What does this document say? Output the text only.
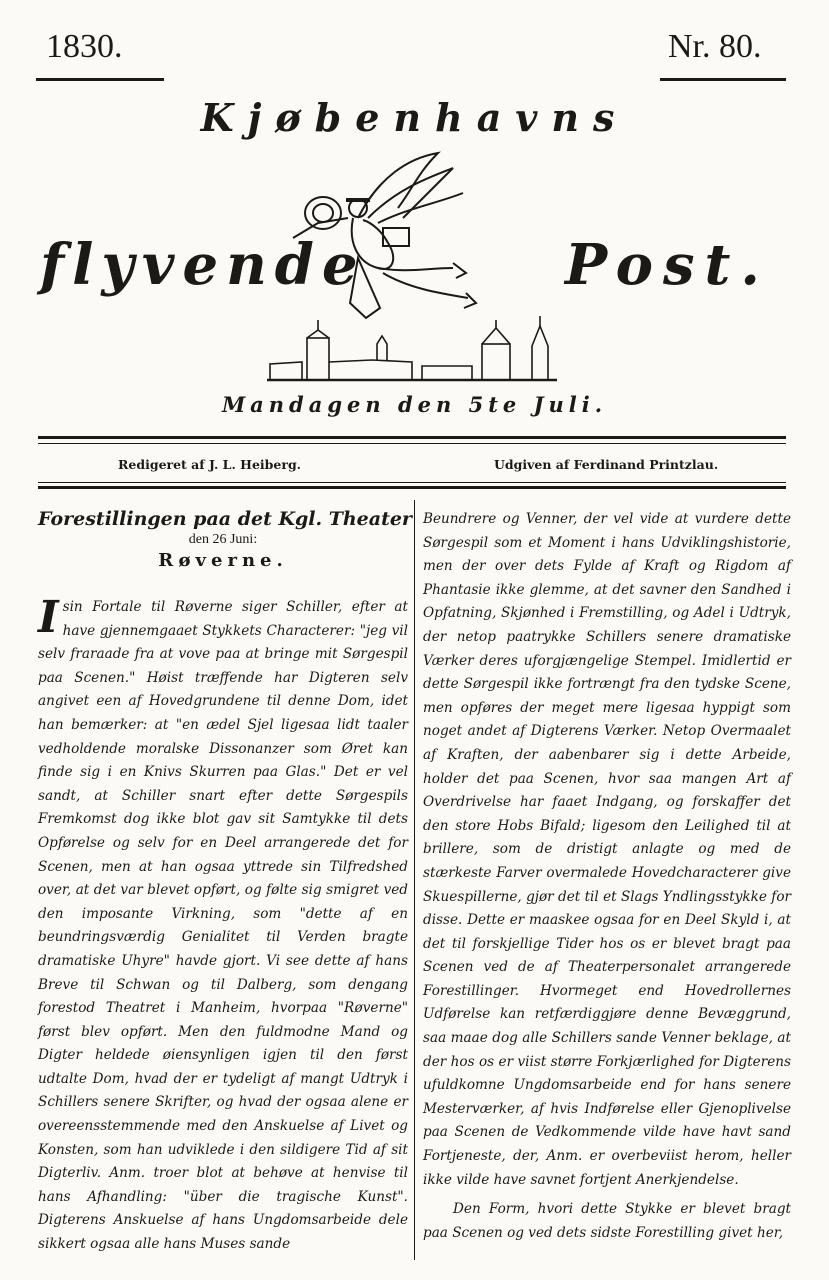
1830.	Nr. 80.
Kjøbenhavns
flyvende	Post.
Mandagen den 5te Juli.
Redigeret af J. L. Heiberg.	Udgiven af Ferdinand Printzlau.
Forestillingen paa det Kgl. Theater
den 26 Juni:
Røverne.

Isin Fortale til Røverne siger Schiller, efter at have gjennemgaaet Stykkets Characterer: "jeg vil selv fraraade fra at vove paa at bringe mit Sørgespil paa Scenen." Høist træffende har Digteren selv angivet een af Hovedgrundene til denne Dom, idet han bemærker: at "en ædel Sjel ligesaa lidt taaler vedholdende moralske Dissonanzer som Øret kan finde sig i en Knivs Skurren paa Glas." Det er vel sandt, at Schiller snart efter dette Sørgespils Fremkomst dog ikke blot gav sit Samtykke til dets Opførelse og selv for en Deel arrangerede det for Scenen, men at han ogsaa yttrede sin Tilfredshed over, at det var blevet opført, og følte sig smigret ved den imposante Virkning, som "dette af en beundringsværdig Genialitet til Verden bragte dramatiske Uhyre" havde gjort. Vi see dette af hans Breve til Schwan og til Dalberg, som dengang forestod Theatret i Manheim, hvorpaa "Røverne" først blev opført. Men den fuldmodne Mand og Digter heldede øiensynligen igjen til den først udtalte Dom, hvad der er tydeligt af mangt Udtryk i Schillers senere Skrifter, og hvad der ogsaa alene er overeensstemmende med den Anskuelse af Livet og Konsten, som han udviklede i den sildigere Tid af sit Digterliv. Anm. troer blot at behøve at henvise til hans Afhandling: "über die tragische Kunst". Digterens Anskuelse af hans Ungdomsarbeide dele sikkert ogsaa alle hans Muses sande

Beundrere og Venner, der vel vide at vurdere dette Sørgespil som et Moment i hans Udviklingshistorie, men der over dets Fylde af Kraft og Rigdom af Phantasie ikke glemme, at det savner den Sandhed i Opfatning, Skjønhed i Fremstilling, og Adel i Udtryk, der netop paatrykke Schillers senere dramatiske Værker deres uforgjængelige Stempel. Imidlertid er dette Sørgespil ikke fortrængt fra den tydske Scene, men opføres der meget mere ligesaa hyppigt som noget andet af Digterens Værker. Netop Overmaalet af Kraften, der aabenbarer sig i dette Arbeide, holder det paa Scenen, hvor saa mangen Art af Overdrivelse har faaet Indgang, og forskaffer det den store Hobs Bifald; ligesom den Leilighed til at brillere, som de dristigt anlagte og med de stærkeste Farver overmalede Hovedcharacterer give Skuespillerne, gjør det til et Slags Yndlingsstykke for disse. Dette er maaskee ogsaa for en Deel Skyld i, at det til forskjellige Tider hos os er blevet bragt paa Scenen ved de af Theaterpersonalet arrangerede Forestillinger. Hvormeget end Hovedrollernes Udførelse kan retfærdiggjøre denne Bevæggrund, saa maae dog alle Schillers sande Venner beklage, at der hos os er viist større Forkjærlighed for Digterens ufuldkomne Ungdomsarbeide end for hans senere Mesterværker, af hvis Indførelse eller Gjenoplivelse paa Scenen de Vedkommende vilde have havt sand Fortjeneste, der, Anm. er overbeviist herom, heller ikke vilde have savnet fortjent Anerkjendelse.

Den Form, hvori dette Stykke er blevet bragt paa Scenen og ved dets sidste Forestilling givet her,
